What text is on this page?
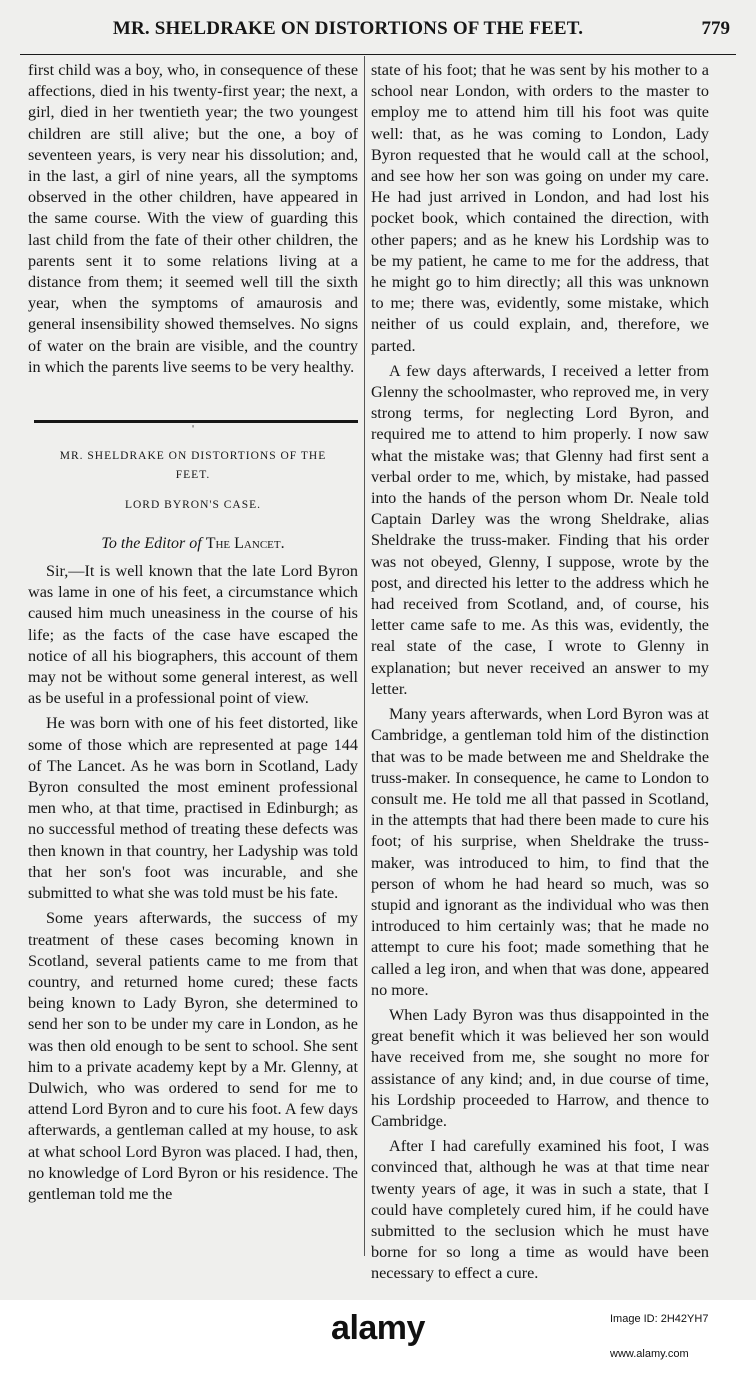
MR. SHELDRAKE ON DISTORTIONS OF THE FEET.	779

first child was a boy, who, in consequence of these affections, died in his twenty-first year; the next, a girl, died in her twentieth year; the two youngest children are still alive; but the one, a boy of seventeen years, is very near his dissolution; and, in the last, a girl of nine years, all the symptoms observed in the other children, have appeared in the same course. With the view of guarding this last child from the fate of their other children, the parents sent it to some relations living at a distance from them; it seemed well till the sixth year, when the symptoms of amaurosis and general insensibility showed themselves. No signs of water on the brain are visible, and the country in which the parents live seems to be very healthy.

ˈ
MR. SHELDRAKE ON DISTORTIONS OF THE
FEET.
LORD BYRON'S CASE.
To the Editor of The Lancet.

Sir,—It is well known that the late Lord Byron was lame in one of his feet, a circumstance which caused him much uneasiness in the course of his life; as the facts of the case have escaped the notice of all his biographers, this account of them may not be without some general interest, as well as be useful in a professional point of view.

He was born with one of his feet distorted, like some of those which are represented at page 144 of The Lancet. As he was born in Scotland, Lady Byron consulted the most eminent professional men who, at that time, practised in Edinburgh; as no successful method of treating these defects was then known in that country, her Ladyship was told that her son's foot was incurable, and she submitted to what she was told must be his fate.

Some years afterwards, the success of my treatment of these cases becoming known in Scotland, several patients came to me from that country, and returned home cured; these facts being known to Lady Byron, she determined to send her son to be under my care in London, as he was then old enough to be sent to school. She sent him to a private academy kept by a Mr. Glenny, at Dulwich, who was ordered to send for me to attend Lord Byron and to cure his foot. A few days afterwards, a gentleman called at my house, to ask at what school Lord Byron was placed. I had, then, no knowledge of Lord Byron or his residence. The gentleman told me the

state of his foot; that he was sent by his mother to a school near London, with orders to the master to employ me to attend him till his foot was quite well: that, as he was coming to London, Lady Byron requested that he would call at the school, and see how her son was going on under my care. He had just arrived in London, and had lost his pocket book, which contained the direction, with other papers; and as he knew his Lordship was to be my patient, he came to me for the address, that he might go to him directly; all this was unknown to me; there was, evidently, some mistake, which neither of us could explain, and, therefore, we parted.

A few days afterwards, I received a letter from Glenny the schoolmaster, who reproved me, in very strong terms, for neglecting Lord Byron, and required me to attend to him properly. I now saw what the mistake was; that Glenny had first sent a verbal order to me, which, by mistake, had passed into the hands of the person whom Dr. Neale told Captain Darley was the wrong Sheldrake, alias Sheldrake the truss-maker. Finding that his order was not obeyed, Glenny, I suppose, wrote by the post, and directed his letter to the address which he had received from Scotland, and, of course, his letter came safe to me. As this was, evidently, the real state of the case, I wrote to Glenny in explanation; but never received an answer to my letter.

Many years afterwards, when Lord Byron was at Cambridge, a gentleman told him of the distinction that was to be made between me and Sheldrake the truss-maker. In consequence, he came to London to consult me. He told me all that passed in Scotland, in the attempts that had there been made to cure his foot; of his surprise, when Sheldrake the truss-maker, was introduced to him, to find that the person of whom he had heard so much, was so stupid and ignorant as the individual who was then introduced to him certainly was; that he made no attempt to cure his foot; made something that he called a leg iron, and when that was done, appeared no more.

When Lady Byron was thus disappointed in the great benefit which it was believed her son would have received from me, she sought no more for assistance of any kind; and, in due course of time, his Lordship proceeded to Harrow, and thence to Cambridge.

After I had carefully examined his foot, I was convinced that, although he was at that time near twenty years of age, it was in such a state, that I could have completely cured him, if he could have submitted to the seclusion which he must have borne for so long a time as would have been necessary to effect a cure.

alamy	Image ID: 2H42YH7
www.alamy.com
